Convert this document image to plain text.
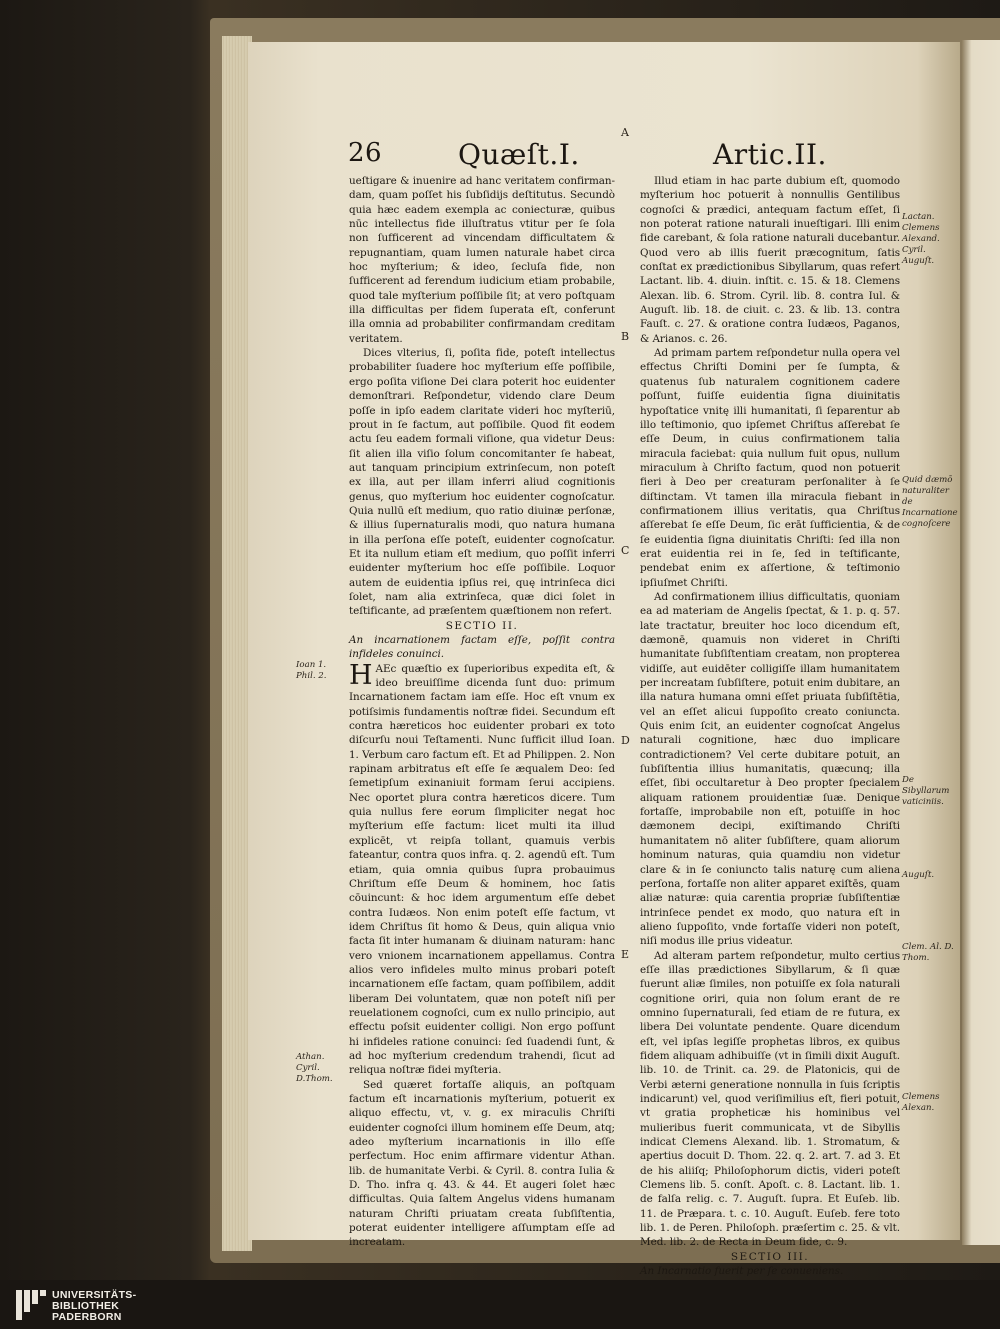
26	Quæſt.I.	Artic.II.

ueſtigare & inuenire ad hanc veritatem confirman- dam, quam poſſet his ſubſidijs deſtitutus. Secundò quia hæc eadem exempla ac coniecturæ, quibus nūc intellectus fide illuſtratus vtitur per ſe ſola non ſufficerent ad vincendam difficultatem & repugnantiam, quam lumen naturale habet circa hoc myſterium; & ideo, ſecluſa fide, non ſufficerent ad ferendum iudicium etiam probabile, quod tale myſterium poſſibile ſit; at vero poſtquam illa difficultas per fidem ſuperata eſt, conferunt illa omnia ad probabiliter confirmandam creditam veritatem.

Dices vlterius, ſi, poſita fide, poteſt intellectus probabiliter ſuadere hoc myſterium eſſe poſſibile, ergo poſita viſione Dei clara poterit hoc euidenter demonſtrari. Reſpondetur, videndo clare Deum poſſe in ipſo eadem claritate videri hoc myſteriū, prout in ſe factum, aut poſſibile. Quod fit eodem actu ſeu eadem formali viſione, qua videtur Deus: ſit alien illa viſio ſolum concomitanter ſe habeat, aut tanquam principium extrinſecum, non poteſt ex illa, aut per illam inferri aliud cognitionis genus, quo myſterium hoc euidenter cognoſcatur. Quia nullū eſt medium, quo ratio diuinæ perſonæ, & illius ſupernaturalis modi, quo natura humana in illa perſona eſſe poteſt, euidenter cognoſcatur. Et ita nullum etiam eſt medium, quo poſſit inferri euidenter myſterium hoc eſſe poſſibile. Loquor autem de euidentia ipſius rei, quę intrinſeca dici ſolet, nam alia extrinſeca, quæ dici ſolet in teſtificante, ad præſentem quæſtionem non refert.

SECTIO II.

An incarnationem factam eſſe, poſſit contra infideles conuinci.

H AEc quæſtio ex ſuperioribus expedita eſt, & ideo breuiſſime dicenda ſunt duo: primum Incarnationem factam iam eſſe. Hoc eſt vnum ex potiſsimis fundamentis noſtræ fidei. Secundum eſt contra hæreticos hoc euidenter probari ex toto diſcurſu noui Teſtamenti. Nunc ſufficit illud Ioan. 1. Verbum caro factum eſt. Et ad Philippen. 2. Non rapinam arbitratus eſt eſſe ſe æqualem Deo: ſed ſemetipſum exinaniuit formam ſerui accipiens. Nec oportet plura contra hæreticos dicere. Tum quia nullus fere eorum ſimpliciter negat hoc myſterium eſſe factum: licet multi ita illud explicēt, vt reipſa tollant, quamuis verbis fateantur, contra quos infra. q. 2. agendū eſt. Tum etiam, quia omnia quibus ſupra probauimus Chriſtum eſſe Deum & hominem, hoc ſatis cōuincunt: & hoc idem argumentum eſſe debet contra Iudæos. Non enim poteſt eſſe factum, vt idem Chriſtus ſit homo & Deus, quin aliqua vnio facta ſit inter humanam & diuinam naturam: hanc vero vnionem incarnationem appellamus. Contra alios vero infideles multo minus probari poteſt incarnationem eſſe factam, quam poſſibilem, addit liberam Dei voluntatem, quæ non poteſt niſi per reuelationem cognoſci, cum ex nullo principio, aut effectu poſsit euidenter colligi. Non ergo poſſunt hi infideles ratione conuinci: ſed ſuadendi ſunt, & ad hoc myſterium credendum trahendi, ſicut ad reliqua noſtræ fidei myſteria.

Sed quæret fortaſſe aliquis, an poſtquam factum eſt incarnationis myſterium, potuerit ex aliquo effectu, vt, v. g. ex miraculis Chriſti euidenter cognoſci illum hominem eſſe Deum, atq; adeo myſterium incarnationis in illo eſſe perfectum. Hoc enim affirmare videntur Athan. lib. de humanitate Verbi. & Cyril. 8. contra Iulia & D. Tho. infra q. 43. & 44. Et augeri ſolet hæc difficultas. Quia ſaltem Angelus videns humanam naturam Chriſti priuatam creata ſubſiſtentia, poterat euidenter intelligere aſſumptam eſſe ad increatam.

Illud etiam in hac parte dubium eſt, quomodo myſterium hoc potuerit à nonnullis Gentilibus cognoſci & prædici, antequam factum eſſet, ſi non poterat ratione naturali inueſtigari. Illi enim fide carebant, & ſola ratione naturali ducebantur. Quod vero ab illis fuerit præcognitum, ſatis conſtat ex prædictionibus Sibyllarum, quas refert Lactant. lib. 4. diuin. inſtit. c. 15. & 18. Clemens Alexan. lib. 6. Strom. Cyril. lib. 8. contra Iul. & Auguſt. lib. 18. de ciuit. c. 23. & lib. 13. contra Fauſt. c. 27. & oratione contra Iudæos, Paganos, & Arianos. c. 26.

Ad primam partem reſpondetur nulla opera vel effectus Chriſti Domini per ſe ſumpta, & quatenus ſub naturalem cognitionem cadere poſſunt, fuiſſe euidentia ſigna diuinitatis hypoſtatice vnitę illi humanitati, ſi ſeparentur ab illo teſtimonio, quo ipſemet Chriſtus aſſerebat ſe eſſe Deum, in cuius confirmationem talia miracula faciebat: quia nullum fuit opus, nullum miraculum à Chriſto factum, quod non potuerit fieri à Deo per creaturam perſonaliter à ſe diſtinctam. Vt tamen illa miracula fiebant in confirmationem illius veritatis, qua Chriſtus aſſerebat ſe eſſe Deum, ſic erāt ſufficientia, & de ſe euidentia ſigna diuinitatis Chriſti: ſed illa non erat euidentia rei in ſe, ſed in teſtificante, pendebat enim ex aſſertione, & teſtimonio ipſiuſmet Chriſti.

Ad confirmationem illius difficultatis, quoniam ea ad materiam de Angelis ſpectat, & 1. p. q. 57. late tractatur, breuiter hoc loco dicendum eſt, dæmonē, quamuis non videret in Chriſti humanitate ſubſiſtentiam creatam, non propterea vidiſſe, aut euidēter colligiſſe illam humanitatem per increatam ſubſiſtere, potuit enim dubitare, an illa natura humana omni eſſet priuata ſubſiſtētia, vel an eſſet alicui ſuppoſito creato coniuncta. Quis enim ſcit, an euidenter cognoſcat Angelus naturali cognitione, hæc duo implicare contradictionem? Vel certe dubitare potuit, an ſubſiſtentia illius humanitatis, quæcunq; illa eſſet, ſibi occultaretur à Deo propter ſpecialem aliquam rationem prouidentiæ ſuæ. Denique fortaſſe, improbabile non eſt, potuiſſe in hoc dæmonem decipi, exiſtimando Chriſti humanitatem nō aliter ſubſiſtere, quam aliorum hominum naturas, quia quamdiu non videtur clare & in ſe coniuncto talis naturę cum aliena perſona, fortaſſe non aliter apparet exiſtēs, quam aliæ naturæ: quia carentia propriæ ſubſiſtentiæ intrinſece pendet ex modo, quo natura eſt in alieno ſuppoſito, vnde fortaſſe videri non poteſt, niſi modus ille prius videatur.

Ad alteram partem reſpondetur, multo certius eſſe illas prædictiones Sibyllarum, & ſi quæ fuerunt aliæ ſimiles, non potuiſſe ex ſola naturali cognitione oriri, quia non ſolum erant de re omnino ſupernaturali, ſed etiam de re futura, ex libera Dei voluntate pendente. Quare dicendum eſt, vel ipſas legiſſe prophetas libros, ex quibus fidem aliquam adhibuiſſe (vt in ſimili dixit Auguſt. lib. 10. de Trinit. ca. 29. de Platonicis, qui de Verbi æterni generatione nonnulla in ſuis ſcriptis indicarunt) vel, quod veriſimilius eſt, fieri potuit, vt gratia propheticæ his hominibus vel mulieribus fuerit communicata, vt de Sibyllis indicat Clemens Alexand. lib. 1. Stromatum, & apertius docuit D. Thom. 22. q. 2. art. 7. ad 3. Et de his aliiſq; Philoſophorum dictis, videri poteſt Clemens lib. 5. conſt. Apoſt. c. 8. Lactant. lib. 1. de falſa relig. c. 7. Auguſt. ſupra. Et Euſeb. lib. 11. de Præpara. t. c. 10. Auguſt. Euſeb. fere toto lib. 1. de Peren. Philoſoph. præſertim c. 25. & vlt. Med. lib. 2. de Recta in Deum fide, c. 9.

SECTIO III.

An Incarnatio fuerit per ſe conueniens.

A
B
C
D
E
Ioan 1.
Phil. 2.
Athan.
Cyril.
D.Thom.
Lactan. Clemens Alexand. Cyril. Auguſt.
Quid dæmō naturaliter de Incarnatione cognoſcere
De Sibyllarum vaticiniis.
Auguſt.
Clem. Al. D. Thom.
Clemens Alexan.
UNIVERSITÄTS-
BIBLIOTHEK
PADERBORN
